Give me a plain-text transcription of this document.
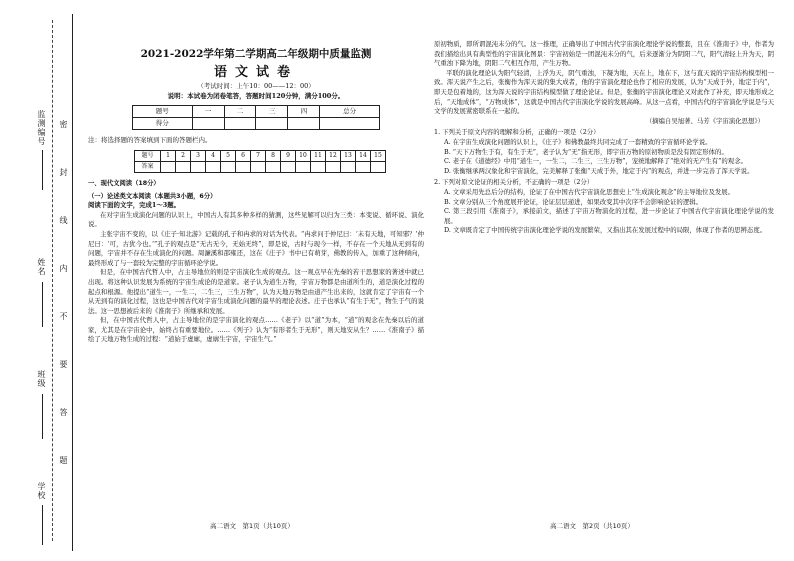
监测编号
姓名
班级
学校
密
封
线
内
不
要
答
题
2021-2022学年第二学期高二年级期中质量监测
语文试卷
（考试时间：上午10：00——12：00）
说明：本试卷为闭卷笔答，答题时间120分钟，满分100分。
题号	一	二	三	四	总分
得分					
注：将选择题的答案填到下面的答题栏内。
题号	1	2	3	4	5	6	7	8	9	10	11	12	13	14	15
答案															
一、现代文阅读（18分）
（一）论述类文本阅读（本题共3小题，6分）
阅读下面的文字，完成1～3题。
在对宇宙生成演化问题的认识上，中国古人有其多种多样的猜测，这些见解可以归为三类：本变说、循环说、演化说。
主张宇宙不变的，以《庄子·知北游》记载的孔子和冉求的对话为代表。“冉求问于仲尼曰：‘未有天地，可知邪？’仲尼曰：‘可，古犹今也。’”孔子的观点是“无古无今，无始无终”，即是说，古时与现今一样，不存在一个天地从无到有的问题，宇宙并不存在生成演化的问题。周濂溪和邵雍还，这在《庄子》书中已有萌芽，佛教的传入，加重了这种倾向，最终形成了与一套较为完整的宇宙循环论学说。
但是，在中国古代哲人中，占主导地位的则是宇宙演化生成的观点。这一观点早在先秦的若干思想家的著述中就已出现。将这种认识发展为系统的宇宙生成论的是道家。老子认为道生万物，宇宙万物都是由道所生的，道是演化过程的起点和根源。他提出“道生一，一生二，二生三，三生万物”，认为天地万物是由道产生出来的，这就肯定了宇宙有一个从无到有的演化过程，这也是中国古代对宇宙生成演化问题的最早的理论表述。庄子也承认“有生于无”，物生于气的说法。这一思想被后来的《淮南子》所继承和发展。
但，在中国古代哲人中，占主导地位的是宇宙演化的观点……《老子》以“道”为本，“道”的观念在先秦以后的道家，尤其是在宇宙论中，始终占有重要地位。……《列子》认为“有形者生于无形”，则天地安从生？……《淮南子》描绘了天地万物生成的过程：“道始于虚廓，虚廓生宇宙，宇宙生气。”
原初物质，即所谓混沌未分的气。这一推理，正确导出了中国古代宇宙演化理论学说的整套，且在《淮南子》中，作者为我们描绘出具有典型性的宇宙演化图景：宇宙初始是一团混沌未分的气，后来逐渐分为阴阳二气，阳气清轻上升为天，阴气重浊下降为地，阴阳二气相互作用，产生万物。
平联的演化理论认为阳气轻清，上浮为天，阴气重浊，下凝为地，天在上，地在下，这与直天说的宇宙结构模型相一致。浑天说产生之后，张衡作为浑天说的集大成者，他的宇宙演化理论也作了相应的发展，认为“天成于外，地定于内”，即天是包着地的，这为浑天说的宇宙结构模型做了理论论证。但是，张衡的宇宙演化理论又对此作了补充，即天地形成之后，“天地成体”，“万物成体”，这就是中国古代宇宙演化学说的发展高峰。从这一点看，中国古代的宇宙演化学说是与天文学的发展紧密联系在一起的。
（摘编自吴旭著、马芳《宇宙演化思想》）
1. 下列关于原文内容的理解和分析，正确的一项是（2分）
A. 在宇宙生成演化问题的认识上，《庄子》和佛教最终共同完成了一套精致的宇宙循环论学说。
B. “天下万物生于有，有生于无”，老子认为“无”指无形，即宇宙万物的原初物质是没有固定形体的。
C. 老子在《道德经》中用“道生一，一生二，二生三，三生万物”，宠统地解释了“绝对的无产生有”的观念。
D. 张衡继承两汉象化和宇宙演化，完美解释了张衡“天成于外，地定于内”的观点，并进一步完善了浑天学说。
2. 下列对原文论证的相关分析，不正确的一项是（2分）
A. 文章采用先总后分的结构，论证了在中国古代宇宙演化思想史上“生成演化观念”的主导地位及发展。
B. 文章分别从三个角度展开论证，论证层层递进，如果改变其中次序不会影响论证的逻辑。
C. 第三段引用《淮南子》，承接前文，描述了宇宙万物演化的过程，进一步论证了中国古代宇宙演化理论学说的发展。
D. 文章既肯定了中国传统宇宙演化理论学说的发展繁荣，又指出其在发展过程中的局限，体现了作者的思辨态度。
高二语文　第1页（共10页）	高二语文　第2页（共10页）
